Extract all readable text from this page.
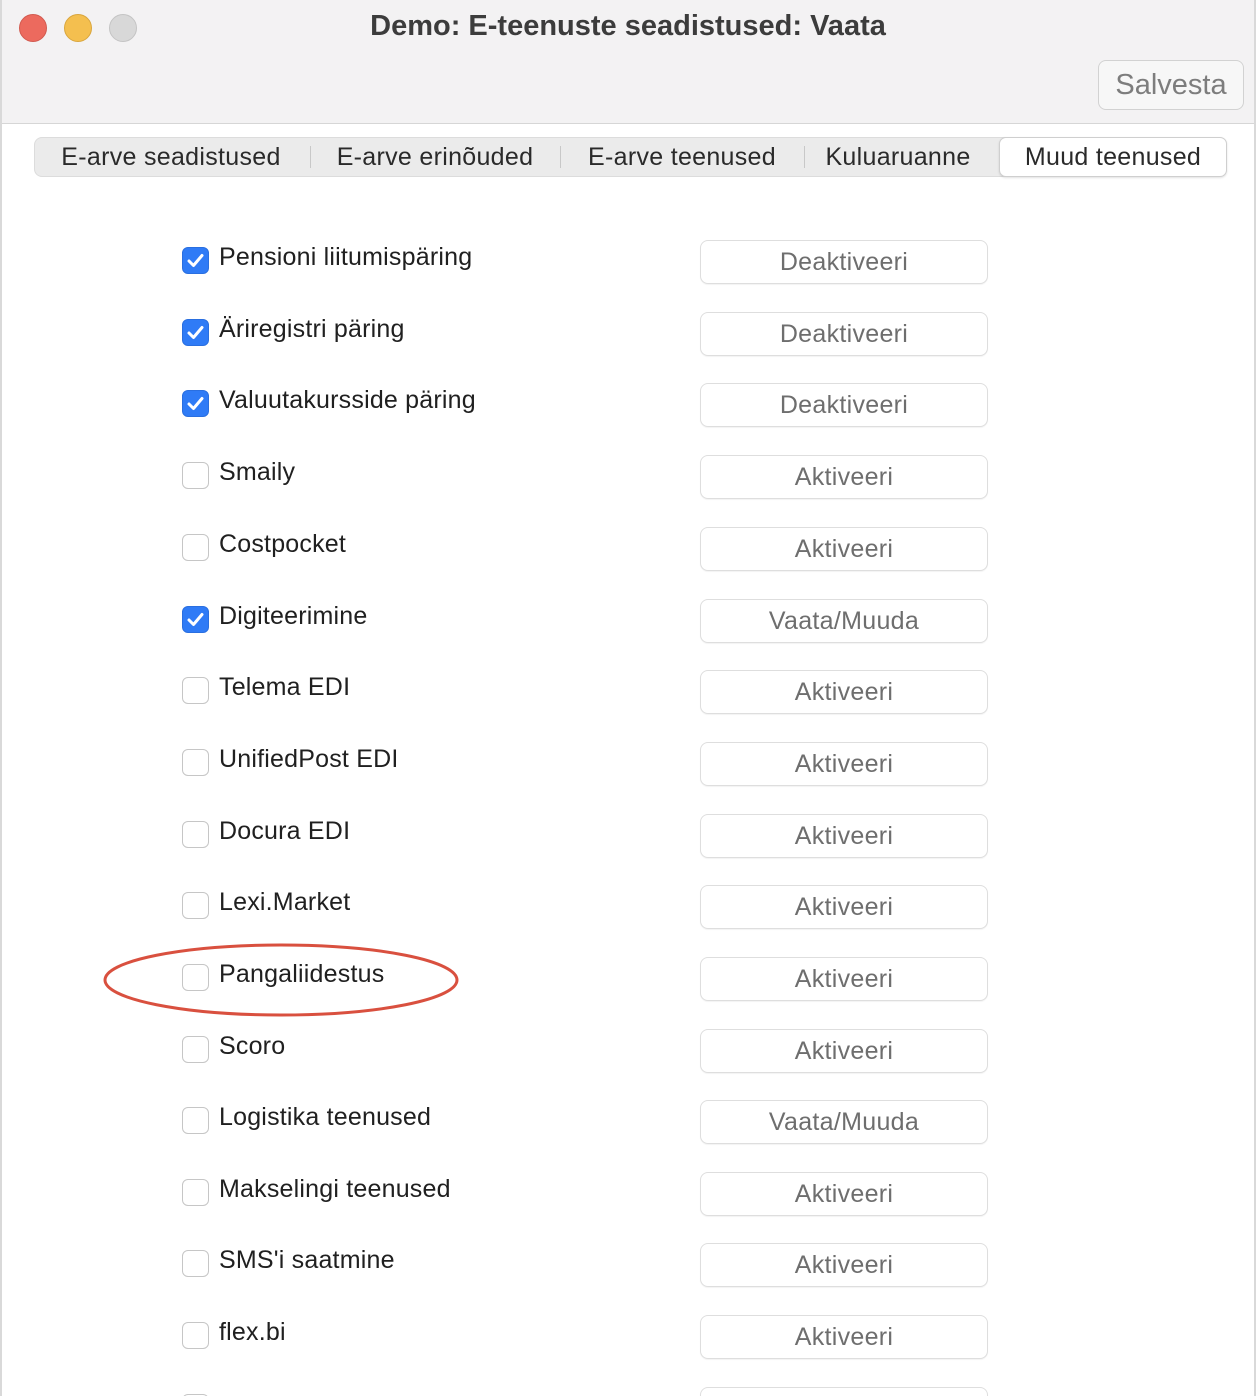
Demo: E-teenuste seadistused: Vaata
Salvesta
E-arve seadistused	E-arve erinõuded	E-arve teenused	Kuluaruanne	Muud teenused
Pensioni liitumispäring	Deaktiveeri
Äriregistri päring	Deaktiveeri
Valuutakursside päring	Deaktiveeri
Smaily	Aktiveeri
Costpocket	Aktiveeri
Digiteerimine	Vaata/Muuda
Telema EDI	Aktiveeri
UnifiedPost EDI	Aktiveeri
Docura EDI	Aktiveeri
Lexi.Market	Aktiveeri
Pangaliidestus	Aktiveeri
Scoro	Aktiveeri
Logistika teenused	Vaata/Muuda
Makselingi teenused	Aktiveeri
SMS'i saatmine	Aktiveeri
flex.bi	Aktiveeri
